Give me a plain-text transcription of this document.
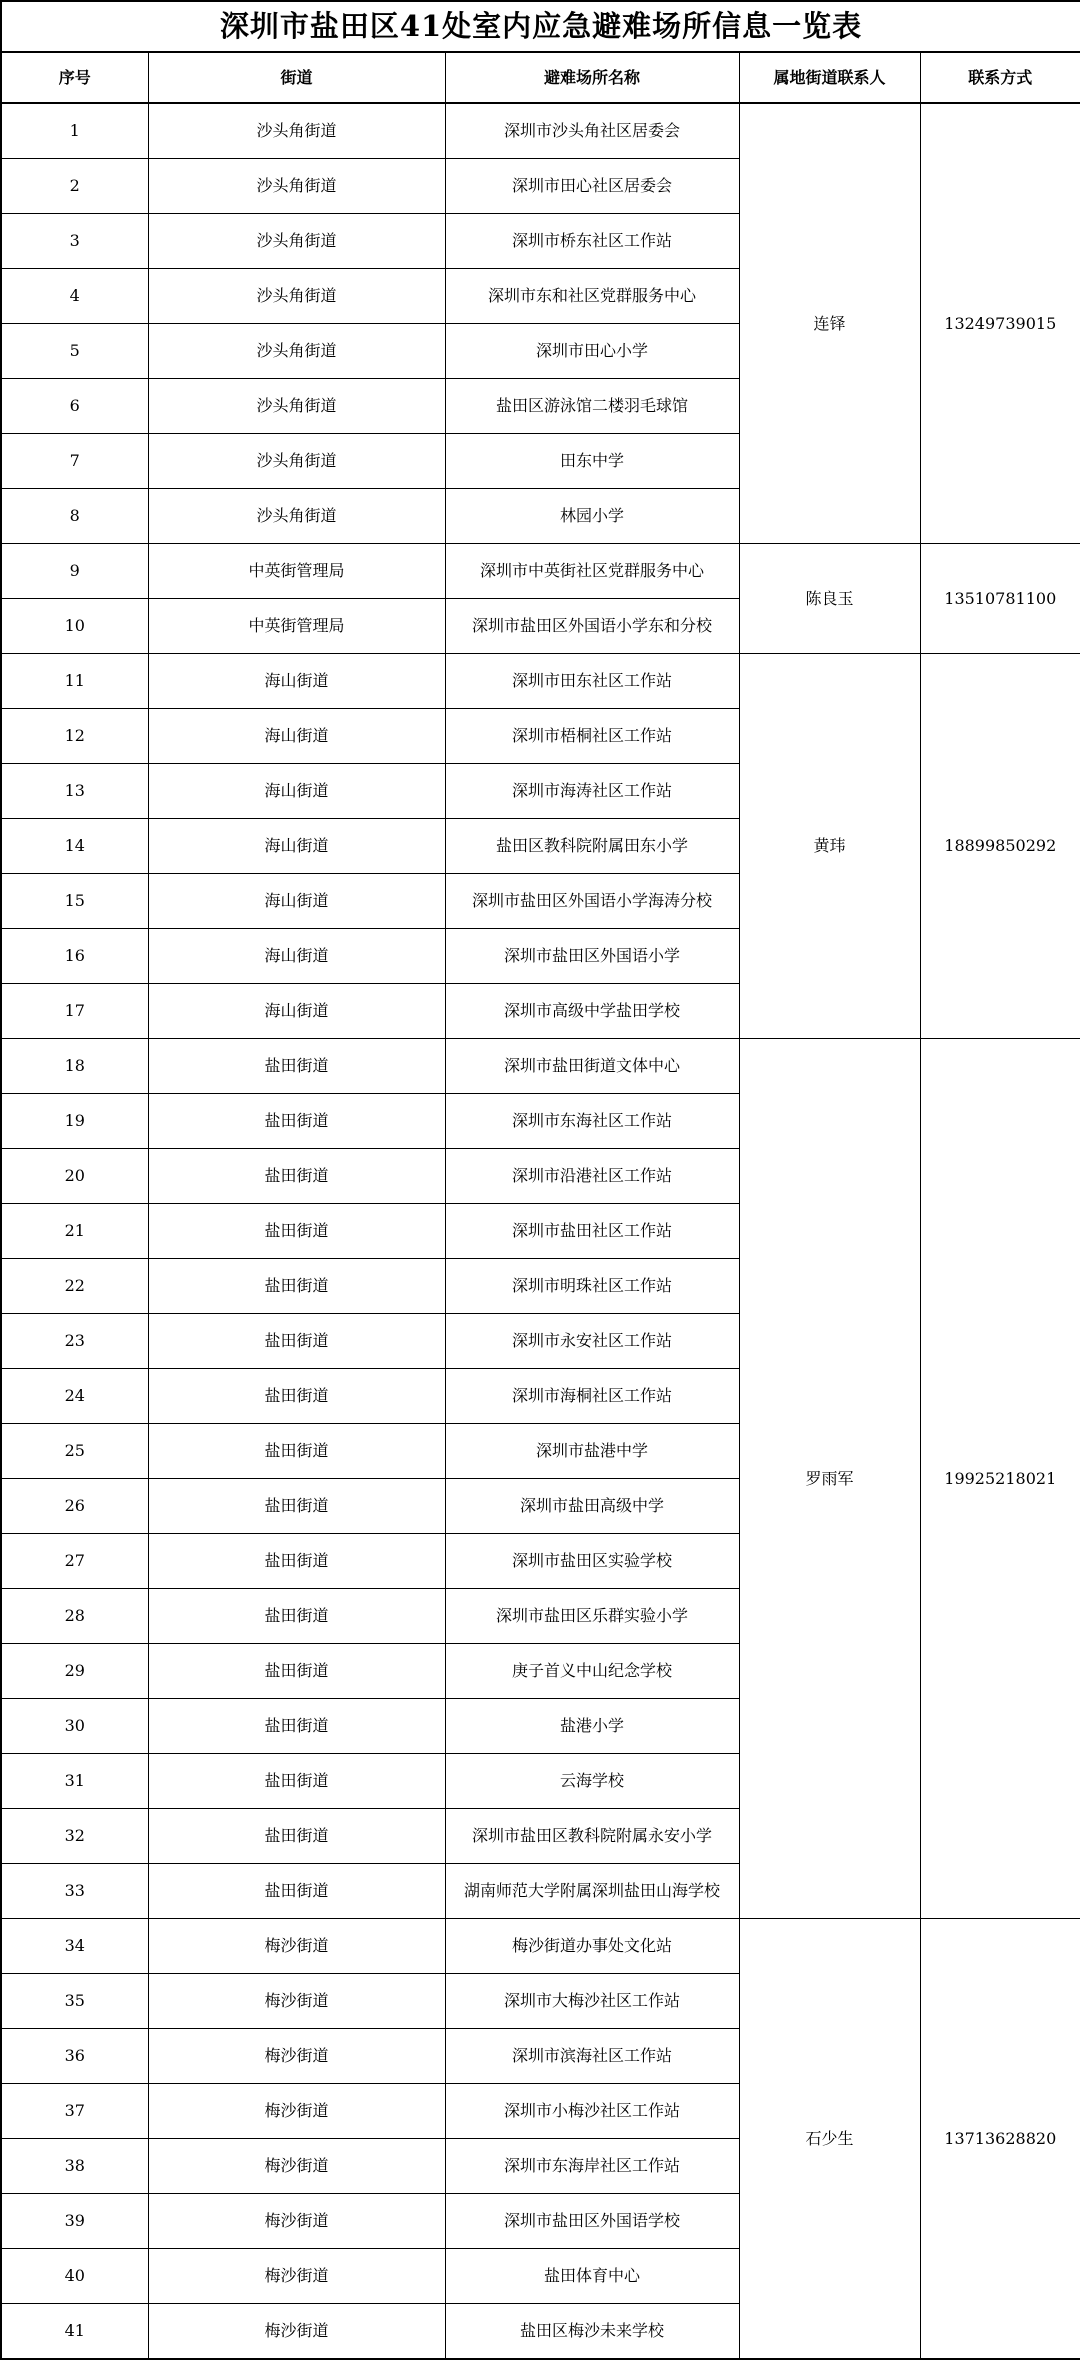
深圳市盐田区41处室内应急避难场所信息一览表				
序号	街道	避难场所名称	属地街道联系人	联系方式
1	沙头角街道	深圳市沙头角社区居委会	连铎	13249739015
2	沙头角街道	深圳市田心社区居委会		
3	沙头角街道	深圳市桥东社区工作站		
4	沙头角街道	深圳市东和社区党群服务中心		
5	沙头角街道	深圳市田心小学		
6	沙头角街道	盐田区游泳馆二楼羽毛球馆		
7	沙头角街道	田东中学		
8	沙头角街道	林园小学		
9	中英街管理局	深圳市中英街社区党群服务中心	陈良玉	13510781100
10	中英街管理局	深圳市盐田区外国语小学东和分校		
11	海山街道	深圳市田东社区工作站	黄玮	18899850292
12	海山街道	深圳市梧桐社区工作站		
13	海山街道	深圳市海涛社区工作站		
14	海山街道	盐田区教科院附属田东小学		
15	海山街道	深圳市盐田区外国语小学海涛分校		
16	海山街道	深圳市盐田区外国语小学		
17	海山街道	深圳市高级中学盐田学校		
18	盐田街道	深圳市盐田街道文体中心	罗雨军	19925218021
19	盐田街道	深圳市东海社区工作站		
20	盐田街道	深圳市沿港社区工作站		
21	盐田街道	深圳市盐田社区工作站		
22	盐田街道	深圳市明珠社区工作站		
23	盐田街道	深圳市永安社区工作站		
24	盐田街道	深圳市海桐社区工作站		
25	盐田街道	深圳市盐港中学		
26	盐田街道	深圳市盐田高级中学		
27	盐田街道	深圳市盐田区实验学校		
28	盐田街道	深圳市盐田区乐群实验小学		
29	盐田街道	庚子首义中山纪念学校		
30	盐田街道	盐港小学		
31	盐田街道	云海学校		
32	盐田街道	深圳市盐田区教科院附属永安小学		
33	盐田街道	湖南师范大学附属深圳盐田山海学校		
34	梅沙街道	梅沙街道办事处文化站	石少生	13713628820
35	梅沙街道	深圳市大梅沙社区工作站		
36	梅沙街道	深圳市滨海社区工作站		
37	梅沙街道	深圳市小梅沙社区工作站		
38	梅沙街道	深圳市东海岸社区工作站		
39	梅沙街道	深圳市盐田区外国语学校		
40	梅沙街道	盐田体育中心		
41	梅沙街道	盐田区梅沙未来学校		
